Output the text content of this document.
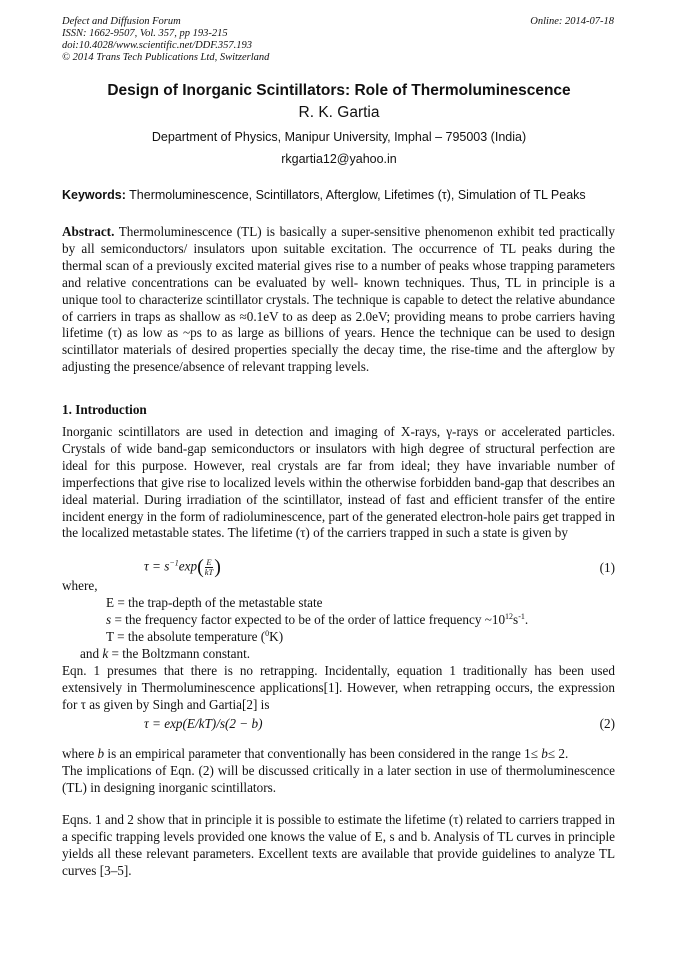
Defect and Diffusion Forum
ISSN: 1662-9507, Vol. 357, pp 193-215
doi:10.4028/www.scientific.net/DDF.357.193
© 2014 Trans Tech Publications Ltd, Switzerland
Online: 2014-07-18
Design of Inorganic Scintillators: Role of Thermoluminescence
R. K. Gartia
Department of Physics, Manipur University, Imphal – 795003 (India)
rkgartia12@yahoo.in
Keywords: Thermoluminescence, Scintillators, Afterglow, Lifetimes (τ), Simulation of TL Peaks
Abstract. Thermoluminescence (TL) is basically a super-sensitive phenomenon exhibit ted practically by all semiconductors/ insulators upon suitable excitation. The occurrence of TL peaks during the thermal scan of a previously excited material gives rise to a number of peaks whose trapping parameters and relative concentrations can be evaluated by well- known techniques. Thus, TL in principle is a unique tool to characterize scintillator crystals. The technique is capable to detect the relative abundance of carriers in traps as shallow as ≈0.1eV to as deep as 2.0eV; providing means to probe carriers having lifetime (τ) as low as ~ps to as large as billions of years. Hence the technique can be used to design scintillator materials of desired properties specially the decay time, the rise-time and the afterglow by adjusting the presence/absence of relevant trapping levels.
1. Introduction
Inorganic scintillators are used in detection and imaging of X-rays, γ-rays or accelerated particles. Crystals of wide band-gap semiconductors or insulators with high degree of structural perfection are ideal for this purpose. However, real crystals are far from ideal; they have invariable number of imperfections that give rise to localized levels within the otherwise forbidden band-gap that describes an ideal material. During irradiation of the scintillator, instead of fast and efficient transfer of the entire incident energy in the form of radioluminescence, part of the generated electron-hole pairs get trapped in the localized metastable states. The lifetime (τ) of the carriers trapped in such a state is given by
$\tau = s^{-1}\exp( \frac{E}{kT}$ )	(1)
where,
E = the trap-depth of the metastable state
s = the frequency factor expected to be of the order of lattice frequency $\sim 10^{12}s^{-1}$.
T = the absolute temperature ($^0$K)
and k = the Boltzmann constant.
Eqn. 1 presumes that there is no retrapping. Incidentally, equation 1 traditionally has been used extensively in Thermoluminescence applications[1]. However, when retrapping occurs, the expression for τ as given by Singh and Gartia[2] is
τ = exp(E/kT)/s(2 − b)	(2)
where b is an empirical parameter that conventionally has been considered in the range 1≤ b≤ 2.
The implications of Eqn. (2) will be discussed critically in a later section in use of thermoluminescence (TL) in designing inorganic scintillators.
Eqns. 1 and 2 show that in principle it is possible to estimate the lifetime (τ) related to carriers trapped in a specific trapping levels provided one knows the value of E, s and b. Analysis of TL curves in principle yields all these relevant parameters. Excellent texts are available that provide guidelines to analyze TL curves [3–5].
